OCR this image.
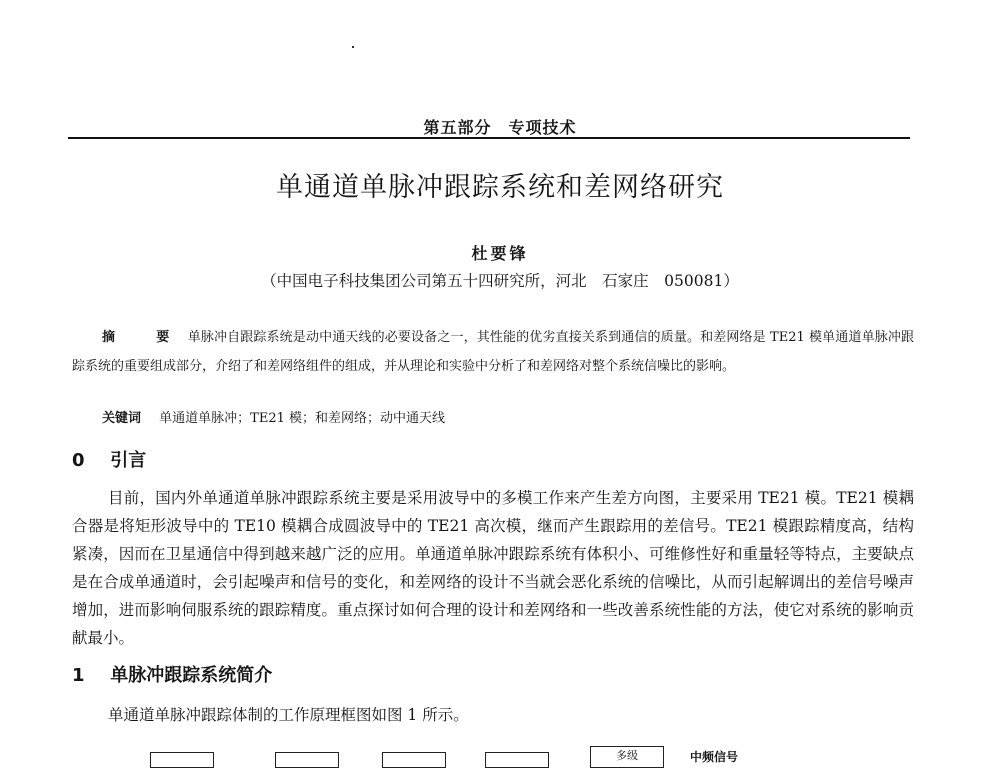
第五部分　专项技术
单通道单脉冲跟踪系统和差网络研究
杜要锋
（中国电子科技集团公司第五十四研究所，河北　石家庄　050081）
摘　要 单脉冲自跟踪系统是动中通天线的必要设备之一，其性能的优劣直接关系到通信的质量。和差网络是 TE21 模单通道单脉冲跟踪系统的重要组成部分，介绍了和差网络组件的组成，并从理论和实验中分析了和差网络对整个系统信噪比的影响。
关键词 单通道单脉冲；TE21 模；和差网络；动中通天线
0 引言
目前，国内外单通道单脉冲跟踪系统主要是采用波导中的多模工作来产生差方向图，主要采用 TE21 模。TE21 模耦合器是将矩形波导中的 TE10 模耦合成圆波导中的 TE21 高次模，继而产生跟踪用的差信号。TE21 模跟踪精度高，结构紧凑，因而在卫星通信中得到越来越广泛的应用。单通道单脉冲跟踪系统有体积小、可维修性好和重量轻等特点，主要缺点是在合成单通道时，会引起噪声和信号的变化，和差网络的设计不当就会恶化系统的信噪比，从而引起解调出的差信号噪声增加，进而影响伺服系统的跟踪精度。重点探讨如何合理的设计和差网络和一些改善系统性能的方法，使它对系统的影响贡献最小。
1 单脉冲跟踪系统简介
单通道单脉冲跟踪体制的工作原理框图如图 1 所示。
多级	中频信号
